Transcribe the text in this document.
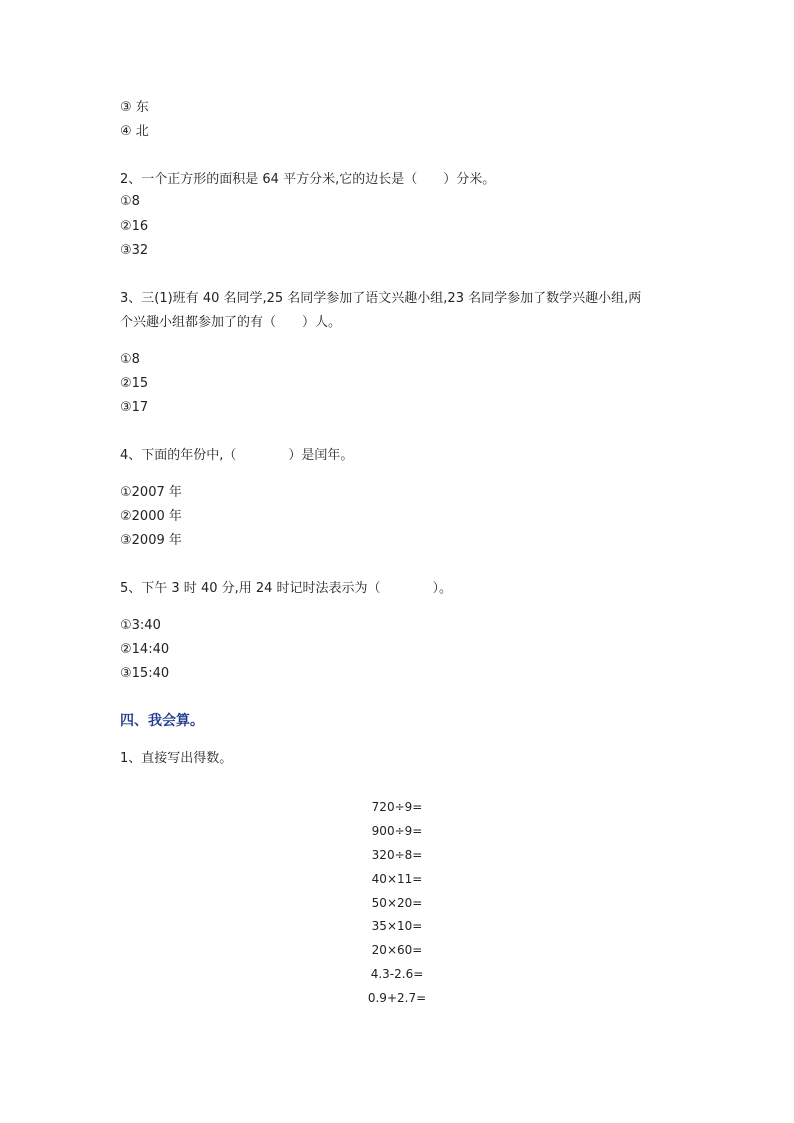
③ 东
④ 北
2、一个正方形的面积是 64 平方分米,它的边长是（　　）分米。
①8
②16
③32
3、三(1)班有 40 名同学,25 名同学参加了语文兴趣小组,23 名同学参加了数学兴趣小组,两
个兴趣小组都参加了的有（　　）人。
①8
②15
③17
4、下面的年份中,（　　　　）是闰年。
①2007 年
②2000 年
③2009 年
5、下午 3 时 40 分,用 24 时记时法表示为（　　　　）。
①3:40
②14:40
③15:40
四、我会算。
1、直接写出得数。
720÷9=
900÷9=
320÷8=
40×11=
50×20=
35×10=
20×60=
4.3-2.6=
0.9+2.7=
